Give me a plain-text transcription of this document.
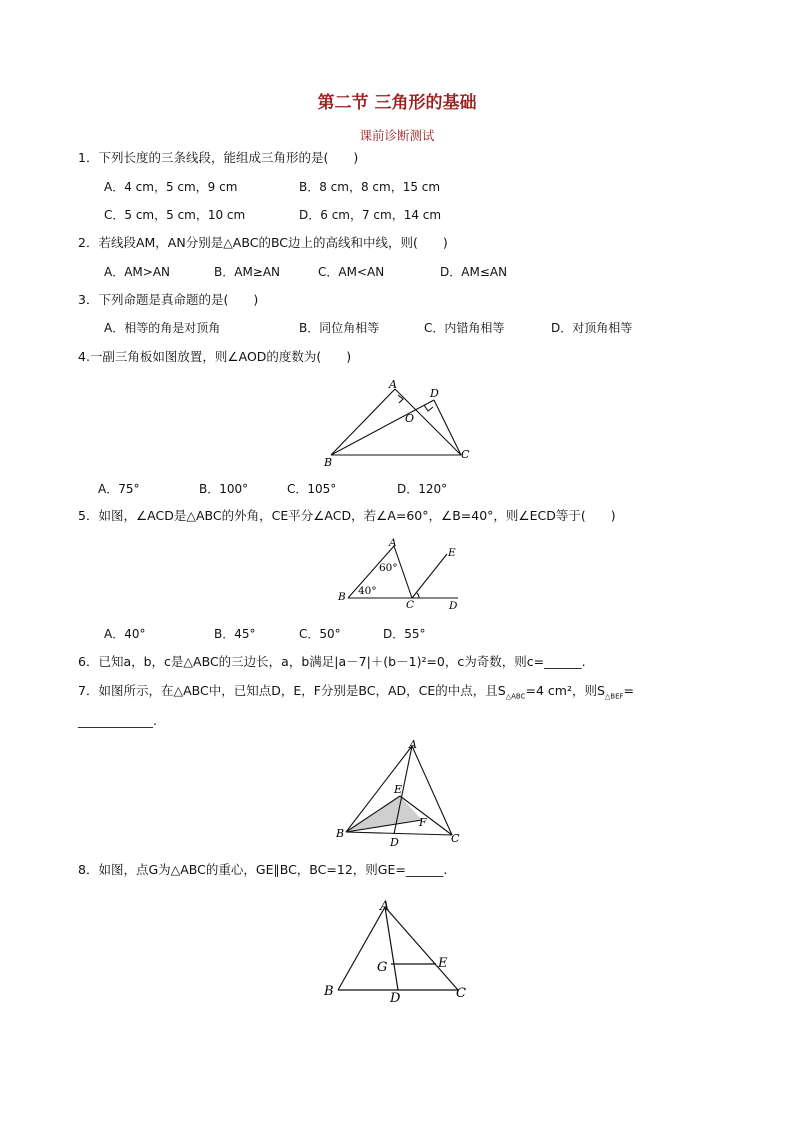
第二节 三角形的基础
课前诊断测试
1．下列长度的三条线段，能组成三角形的是(　　)
A．4 cm，5 cm，9 cm	B．8 cm，8 cm，15 cm
C．5 cm，5 cm，10 cm	D．6 cm，7 cm，14 cm
2．若线段AM，AN分别是△ABC的BC边上的高线和中线，则(　　)
A．AM>AN	B．AM≥AN	C．AM<AN	D．AM≤AN
3．下列命题是真命题的是(　　)
A．相等的角是对顶角	B．同位角相等	C．内错角相等	D．对顶角相等
4.一副三角板如图放置，则∠AOD的度数为(　　)
A
D
O
B
C
A．75°	B．100°	C．105°	D．120°
5．如图，∠ACD是△ABC的外角，CE平分∠ACD，若∠A=60°，∠B=40°，则∠ECD等于(　　)
A
60°
40°
B
C	D
E
A．40°	B．45°	C．50°	D．55°
6．已知a，b，c是△ABC的三边长，a，b满足|a－7|＋(b－1)²=0，c为奇数，则c=______.
7．如图所示，在△ABC中，已知点D，E，F分别是BC，AD，CE的中点，且$S_{\triangle ABC}=4$ cm²，则$S_{\triangle BEF}=$
____________.
A
E
F
B
D	C
8．如图，点G为△ABC的重心，GE∥BC，BC=12，则GE=______.
A
G	E
B	D	C
